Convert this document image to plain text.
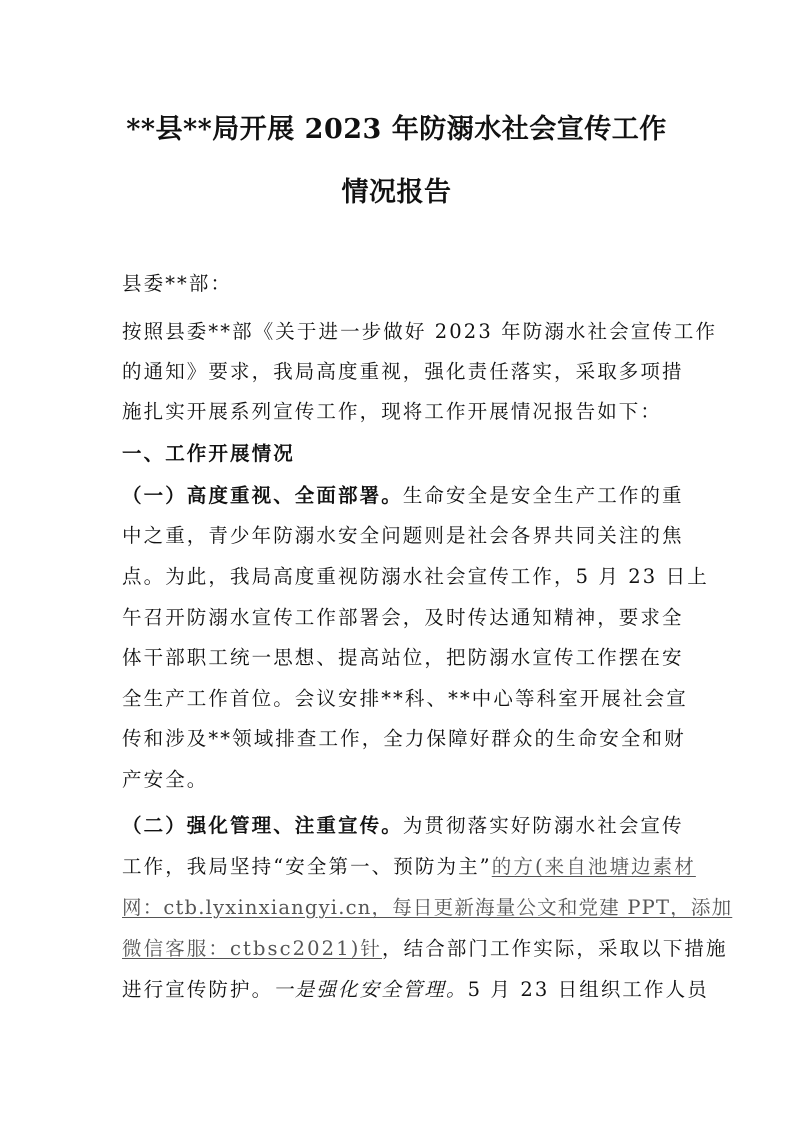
**县**局开展 2023 年防溺水社会宣传工作
情况报告
县委**部：
按照县委**部《关于进一步做好 2023 年防溺水社会宣传工作
的通知》要求，我局高度重视，强化责任落实，采取多项措
施扎实开展系列宣传工作，现将工作开展情况报告如下：
一、工作开展情况
（一）高度重视、全面部署。生命安全是安全生产工作的重
中之重，青少年防溺水安全问题则是社会各界共同关注的焦
点。为此，我局高度重视防溺水社会宣传工作，5 月 23 日上
午召开防溺水宣传工作部署会，及时传达通知精神，要求全
体干部职工统一思想、提高站位，把防溺水宣传工作摆在安
全生产工作首位。会议安排**科、**中心等科室开展社会宣
传和涉及**领域排查工作，全力保障好群众的生命安全和财
产安全。
（二）强化管理、注重宣传。为贯彻落实好防溺水社会宣传
工作，我局坚持“安全第一、预防为主”的方(来自池塘边素材
网：ctb.lyxinxiangyi.cn，每日更新海量公文和党建 PPT，添加
微信客服：ctbsc2021)针，结合部门工作实际，采取以下措施
进行宣传防护。一是强化安全管理。5 月 23 日组织工作人员
